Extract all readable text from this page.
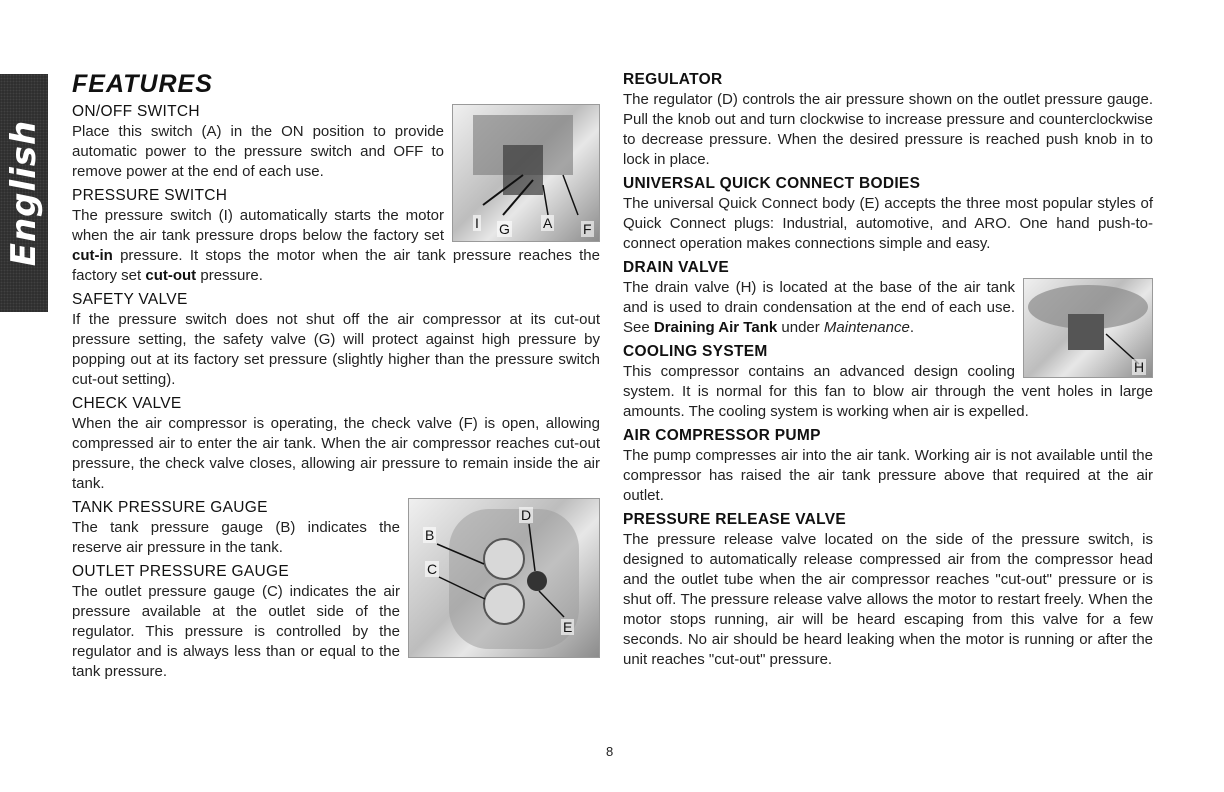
English
FEATURES
I G A F
ON/OFF SWITCH

Place this switch (A) in the ON position to provide automatic power to the pressure switch and OFF to remove power at the end of each use.

PRESSURE SWITCH

The pressure switch (I) automatically starts the motor when the air tank pressure drops below the factory set cut-in pressure. It stops the motor when the air tank pressure reaches the factory set cut-out pressure.

SAFETY VALVE

If the pressure switch does not shut off the air compressor at its cut-out pressure setting, the safety valve (G) will protect against high pressure by popping out at its factory set pressure (slightly higher than the pressure switch cut-out setting).

CHECK VALVE

When the air compressor is operating, the check valve (F) is open, allowing compressed air to enter the air tank. When the air compressor reaches cut-out pressure, the check valve closes, allowing air pressure to remain inside the air tank.

B
C
D
E
TANK PRESSURE GAUGE

The tank pressure gauge (B) indicates the reserve air pressure in the tank.

OUTLET PRESSURE GAUGE

The outlet pressure gauge (C) indicates the air pressure available at the outlet side of the regulator. This pressure is controlled by the regulator and is always less than or equal to the tank pressure.

REGULATOR

The regulator (D) controls the air pressure shown on the outlet pressure gauge. Pull the knob out and turn clockwise to increase pressure and counterclockwise to decrease pressure. When the desired pressure is reached push knob in to lock in place.

UNIVERSAL QUICK CONNECT BODIES

The universal Quick Connect body (E) accepts the three most popular styles of Quick Connect plugs: Industrial, automotive, and ARO. One hand push-to-connect operation makes connections simple and easy.

DRAIN VALVE
H

The drain valve (H) is located at the base of the air tank and is used to drain condensation at the end of each use. See Draining Air Tank under Maintenance.

COOLING SYSTEM

This compressor contains an advanced design cooling system. It is normal for this fan to blow air through the vent holes in large amounts. The cooling system is working when air is expelled.

AIR COMPRESSOR PUMP

The pump compresses air into the air tank. Working air is not available until the compressor has raised the air tank pressure above that required at the air outlet.

PRESSURE RELEASE VALVE

The pressure release valve located on the side of the pressure switch, is designed to automatically release compressed air from the compressor head and the outlet tube when the air compressor reaches "cut-out" pressure or is shut off. The pressure release valve allows the motor to restart freely. When the motor stops running, air will be heard escaping from this valve for a few seconds. No air should be heard leaking when the motor is running or after the unit reaches "cut-out" pressure.

8
